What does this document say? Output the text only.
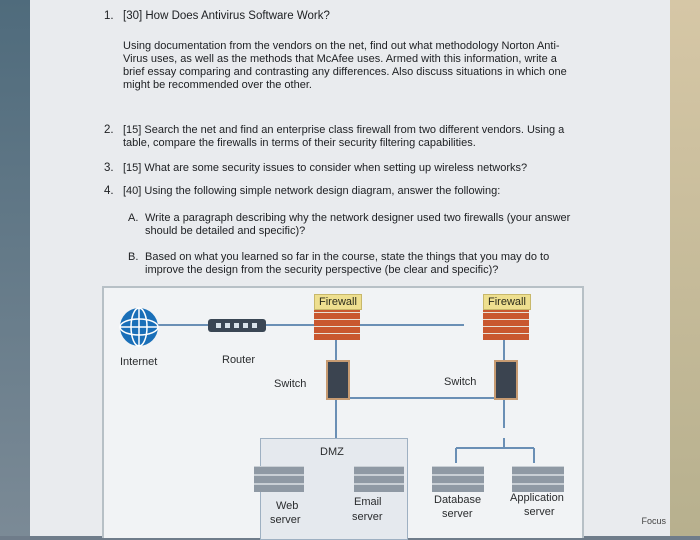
1. [30] How Does Antivirus Software Work?
Using documentation from the vendors on the net, find out what methodology Norton Anti-
Virus uses, as well as the methods that McAfee uses. Armed with this information, write a
brief essay comparing and contrasting any differences. Also discuss situations in which one
might be recommended over the other.
2. [15] Search the net and find an enterprise class firewall from two different vendors. Using a
table, compare the firewalls in terms of their security filtering capabilities.
3. [15] What are some security issues to consider when setting up wireless networks?
4. [40] Using the following simple network design diagram, answer the following:
A. Write a paragraph describing why the network designer used two firewalls (your answer
should be detailed and specific)?
B. Based on what you learned so far in the course, state the things that you may do to
improve the design from the security perspective (be clear and specific)?
Internet	Router
Firewall	Firewall
Switch	Switch
DMZ
Web
server
Email
server
Database
server
Application
server
Focus
